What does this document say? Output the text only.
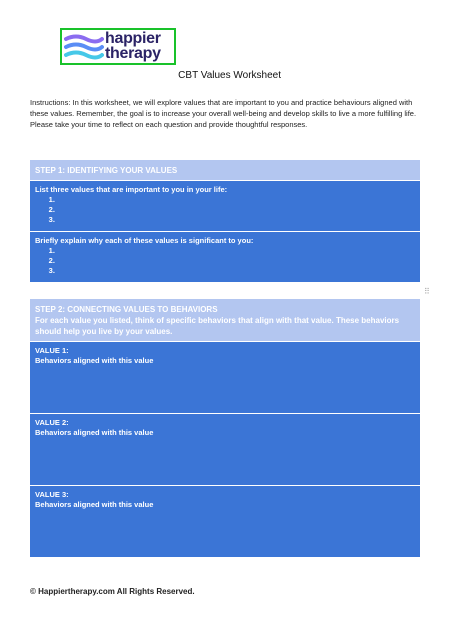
happier
therapy
CBT Values Worksheet
Instructions: In this worksheet, we will explore values that are important to you and practice behaviours aligned with these values. Remember, the goal is to increase your overall well-being and develop skills to live a more fulfilling life. Please take your time to reflect on each question and provide thoughtful responses.
STEP 1: IDENTIFYING YOUR VALUES
List three values that are important to you in your life:
1.
2.
3.
Briefly explain why each of these values is significant to you:
1.
2.
3.
⠿
STEP 2: CONNECTING VALUES TO BEHAVIORS
For each value you listed, think of specific behaviors that align with that value. These behaviors should help you live by your values.
VALUE 1:
Behaviors aligned with this value
VALUE 2:
Behaviors aligned with this value
VALUE 3:
Behaviors aligned with this value
© Happiertherapy.com All Rights Reserved.
